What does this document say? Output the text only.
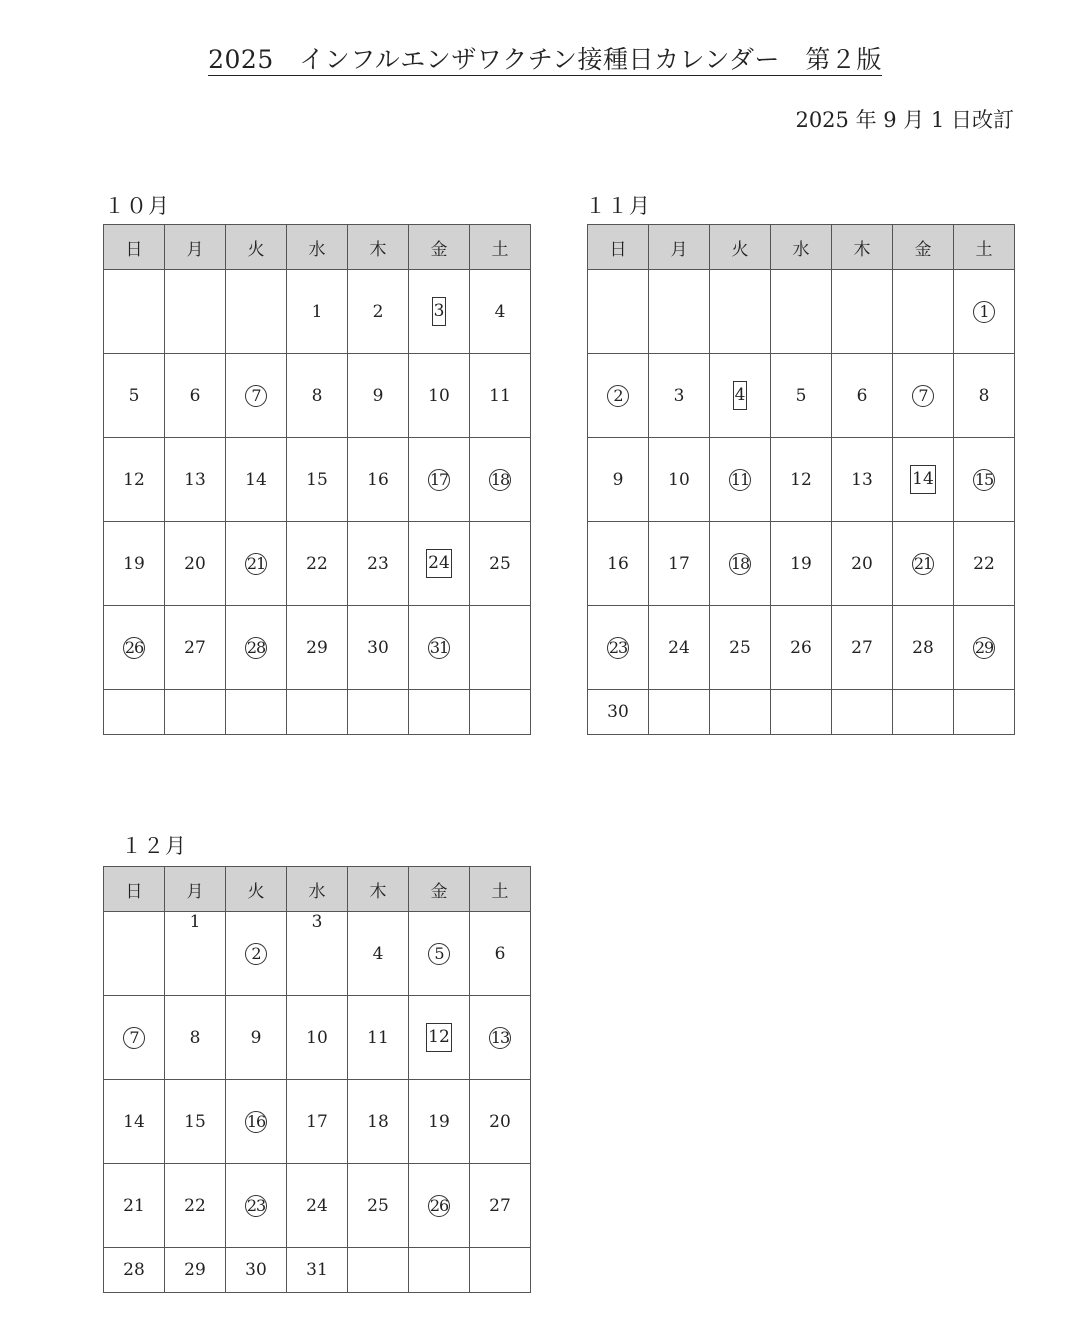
2025　インフルエンザワクチン接種日カレンダー　第２版
2025 年 9 月 1 日改訂
１０月
日	月	火	水	木	金	土
			1	2	3	4
5	6	7	8	9	10	11
12	13	14	15	16	17	18
19	20	21	22	23	24	25
26	27	28	29	30	31	

１１月
日	月	火	水	木	金	土
						1
2	3	4	5	6	7	8
9	10	11	12	13	14	15
16	17	18	19	20	21	22
23	24	25	26	27	28	29
30						
１２月
日	月	火	水	木	金	土
	1	2	3	4	5	6
7	8	9	10	11	12	13
14	15	16	17	18	19	20
21	22	23	24	25	26	27
28	29	30	31			
